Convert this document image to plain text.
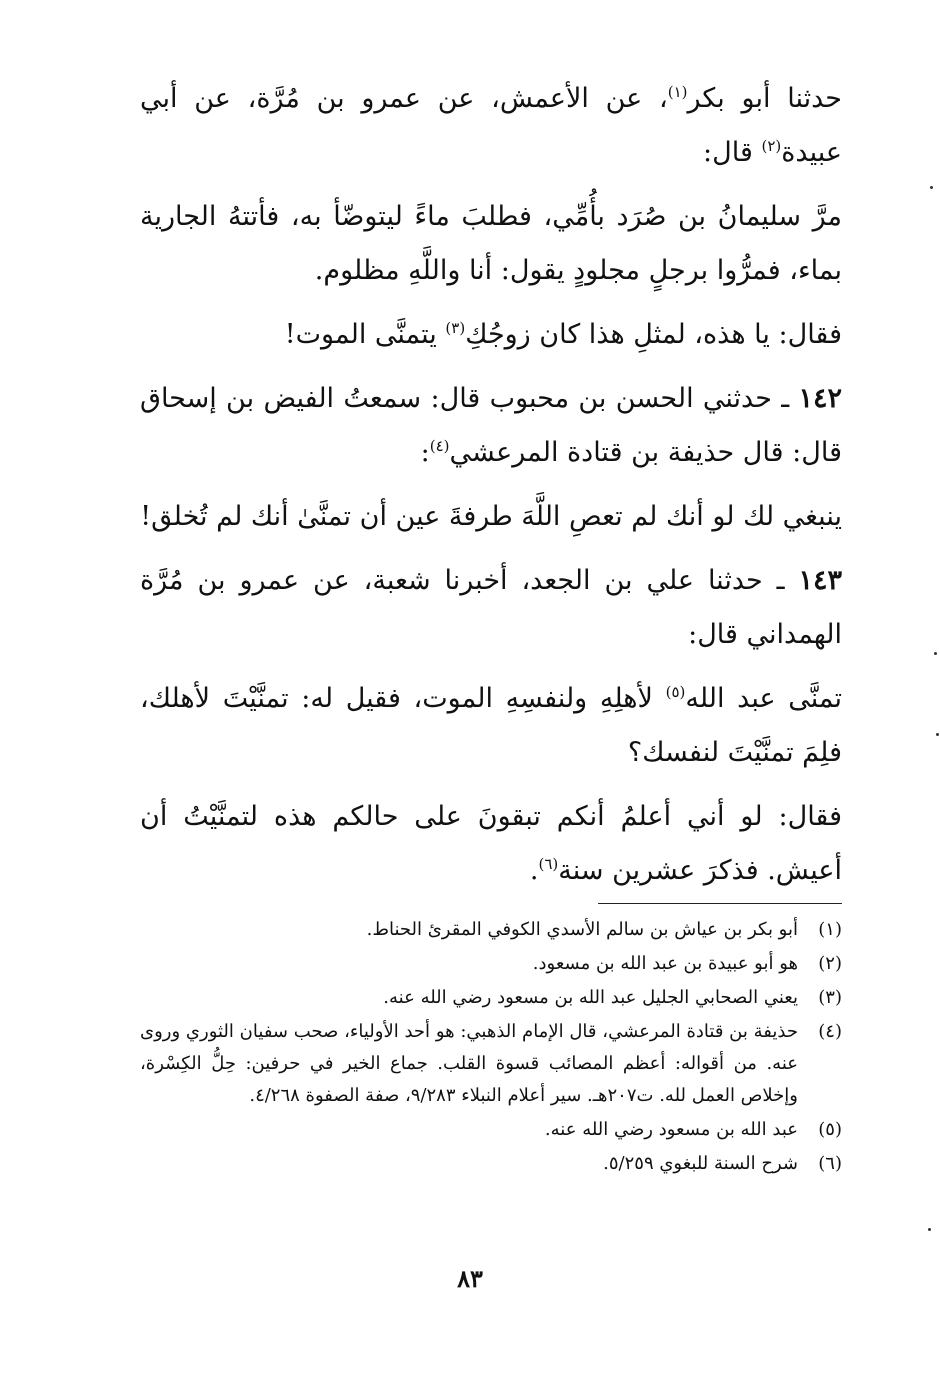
حدثنا أبو بكر$^{(١)}$، عن الأعمش، عن عمرو بن مُرَّة، عن أبي عبيدة$^{(٢)}$ قال:

مرَّ سليمانُ بن صُرَد بأُمِّي، فطلبَ ماءً ليتوضّأ به، فأتتهُ الجارية بماء، فمرُّوا برجلٍ مجلودٍ يقول: أنا واللَّهِ مظلوم.

فقال: يا هذه، لمثلِ هذا كان زوجُكِ$^{(٣)}$ يتمنَّى الموت!

١٤٢ ـ حدثني الحسن بن محبوب قال: سمعتُ الفيض بن إسحاق قال: قال حذيفة بن قتادة المرعشي$^{(٤)}$:

ينبغي لك لو أنك لم تعصِ اللَّهَ طرفةَ عين أن تمنَّىٰ أنك لم تُخلق!

١٤٣ ـ حدثنا علي بن الجعد، أخبرنا شعبة، عن عمرو بن مُرَّة الهمداني قال:

تمنَّى عبد الله$^{(٥)}$ لأهلِهِ ولنفسِهِ الموت، فقيل له: تمنَّيْتَ لأهلك، فلِمَ تمنَّيْتَ لنفسك؟

فقال: لو أني أعلمُ أنكم تبقونَ على حالكم هذه لتمنَّيْتُ أن أعيش. فذكرَ عشرين سنة$^{(٦)}$.

(١)
أبو بكر بن عياش بن سالم الأسدي الكوفي المقرئ الحناط.
(٢)
هو أبو عبيدة بن عبد الله بن مسعود.
(٣)
يعني الصحابي الجليل عبد الله بن مسعود رضي الله عنه.
(٤)
حذيفة بن قتادة المرعشي، قال الإمام الذهبي: هو أحد الأولياء، صحب سفيان الثوري وروى عنه. من أقواله: أعظم المصائب قسوة القلب. جماع الخير في حرفين: حِلُّ الكِسْرة، وإخلاص العمل لله. ت٢٠٧هـ. سير أعلام النبلاء ٩/٢٨٣، صفة الصفوة ٤/٢٦٨.
(٥)
عبد الله بن مسعود رضي الله عنه.
(٦)
شرح السنة للبغوي ٥/٢٥٩.
٨٣
